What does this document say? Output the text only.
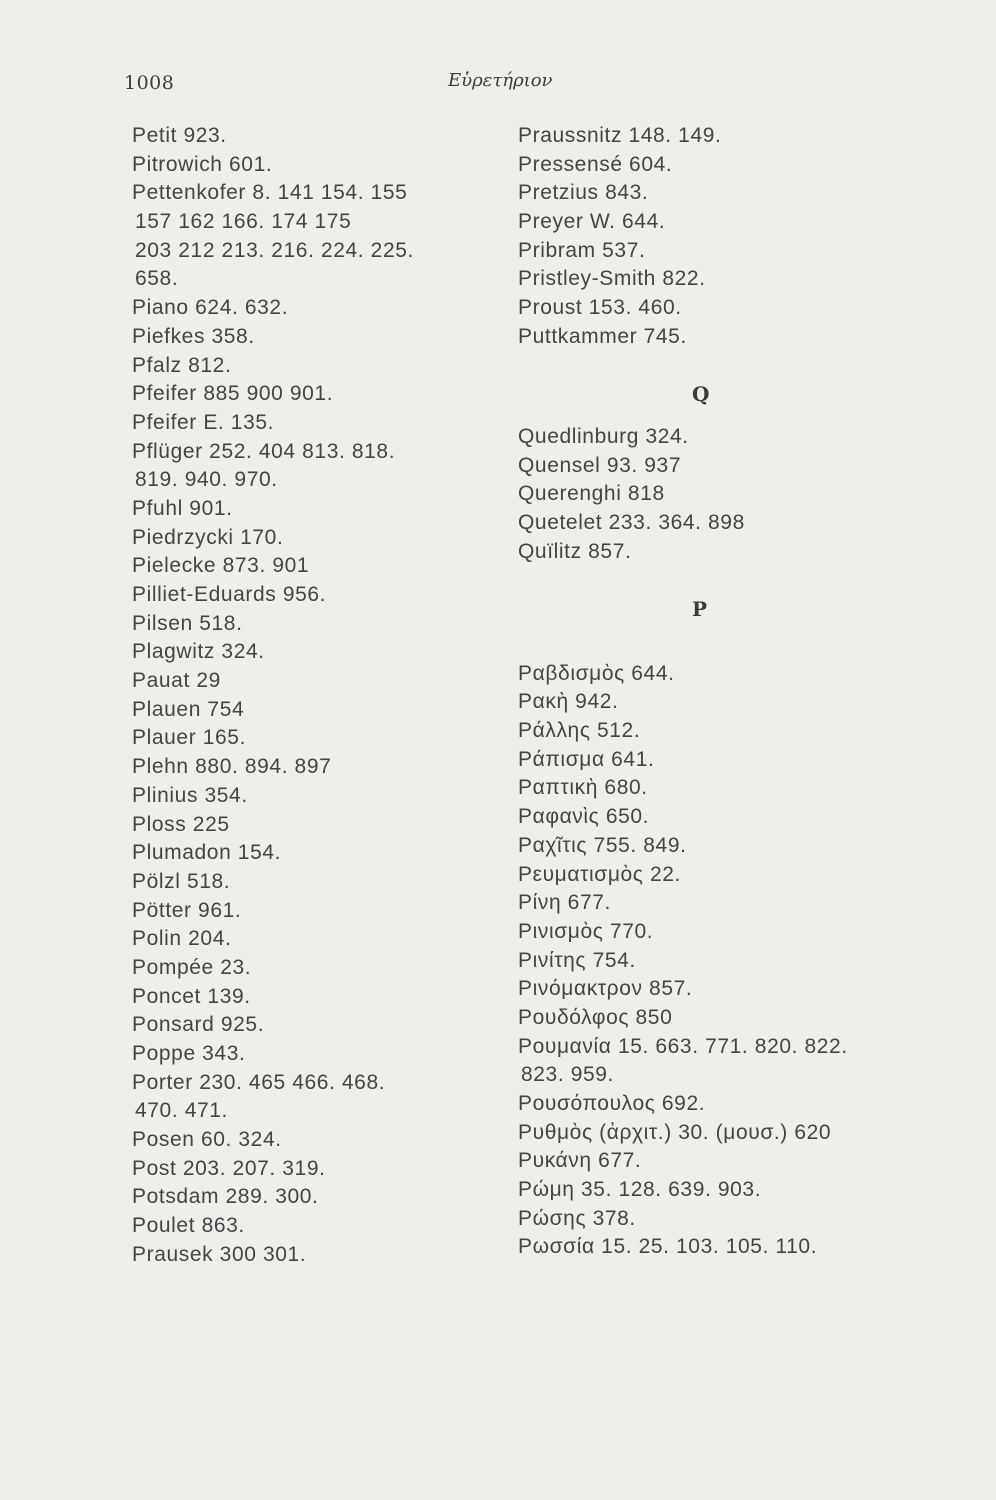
1008	Εὑρετήριον
Petit 923.
Pitrowich 601.
Pettenkofer 8. 141 154. 155
157 162 166. 174 175
203 212 213. 216. 224. 225.
658.
Piano 624. 632.
Piefkes 358.
Pfalz 812.
Pfeifer 885 900 901.
Pfeifer E. 135.
Pflüger 252. 404 813. 818.
819. 940. 970.
Pfuhl 901.
Piedrzycki 170.
Pielecke 873. 901
Pilliet-Eduards 956.
Pilsen 518.
Plagwitz 324.
Pauat 29
Plauen 754
Plauer 165.
Plehn 880. 894. 897
Plinius 354.
Ploss 225
Plumadon 154.
Pölzl 518.
Pötter 961.
Polin 204.
Pompée 23.
Poncet 139.
Ponsard 925.
Poppe 343.
Porter 230. 465 466. 468.
470. 471.
Posen 60. 324.
Post 203. 207. 319.
Potsdam 289. 300.
Poulet 863.
Prausek 300 301.
Praussnitz 148. 149.
Pressensé 604.
Pretzius 843.
Preyer W. 644.
Pribram 537.
Pristley-Smith 822.
Proust 153. 460.
Puttkammer 745.
Q
Quedlinburg 324.
Quensel 93. 937
Querenghi 818
Quetelet 233. 364. 898
Quïlitz 857.
Ρ
Ραβδισμὸς 644.
Ρακὴ 942.
Ράλλης 512.
Ράπισμα 641.
Ραπτικὴ 680.
Ραφανὶς 650.
Ραχῖτις 755. 849.
Ρευματισμὸς 22.
Ρίνη 677.
Ρινισμὸς 770.
Ρινίτης 754.
Ρινόμακτρον 857.
Ρουδόλφος 850
Ρουμανία 15. 663. 771. 820. 822.
823. 959.
Ρουσόπουλος 692.
Ρυθμὸς (ἀρχιτ.) 30. (μουσ.) 620
Ρυκάνη 677.
Ρώμη 35. 128. 639. 903.
Ρώσης 378.
Ρωσσία 15. 25. 103. 105. 110.
